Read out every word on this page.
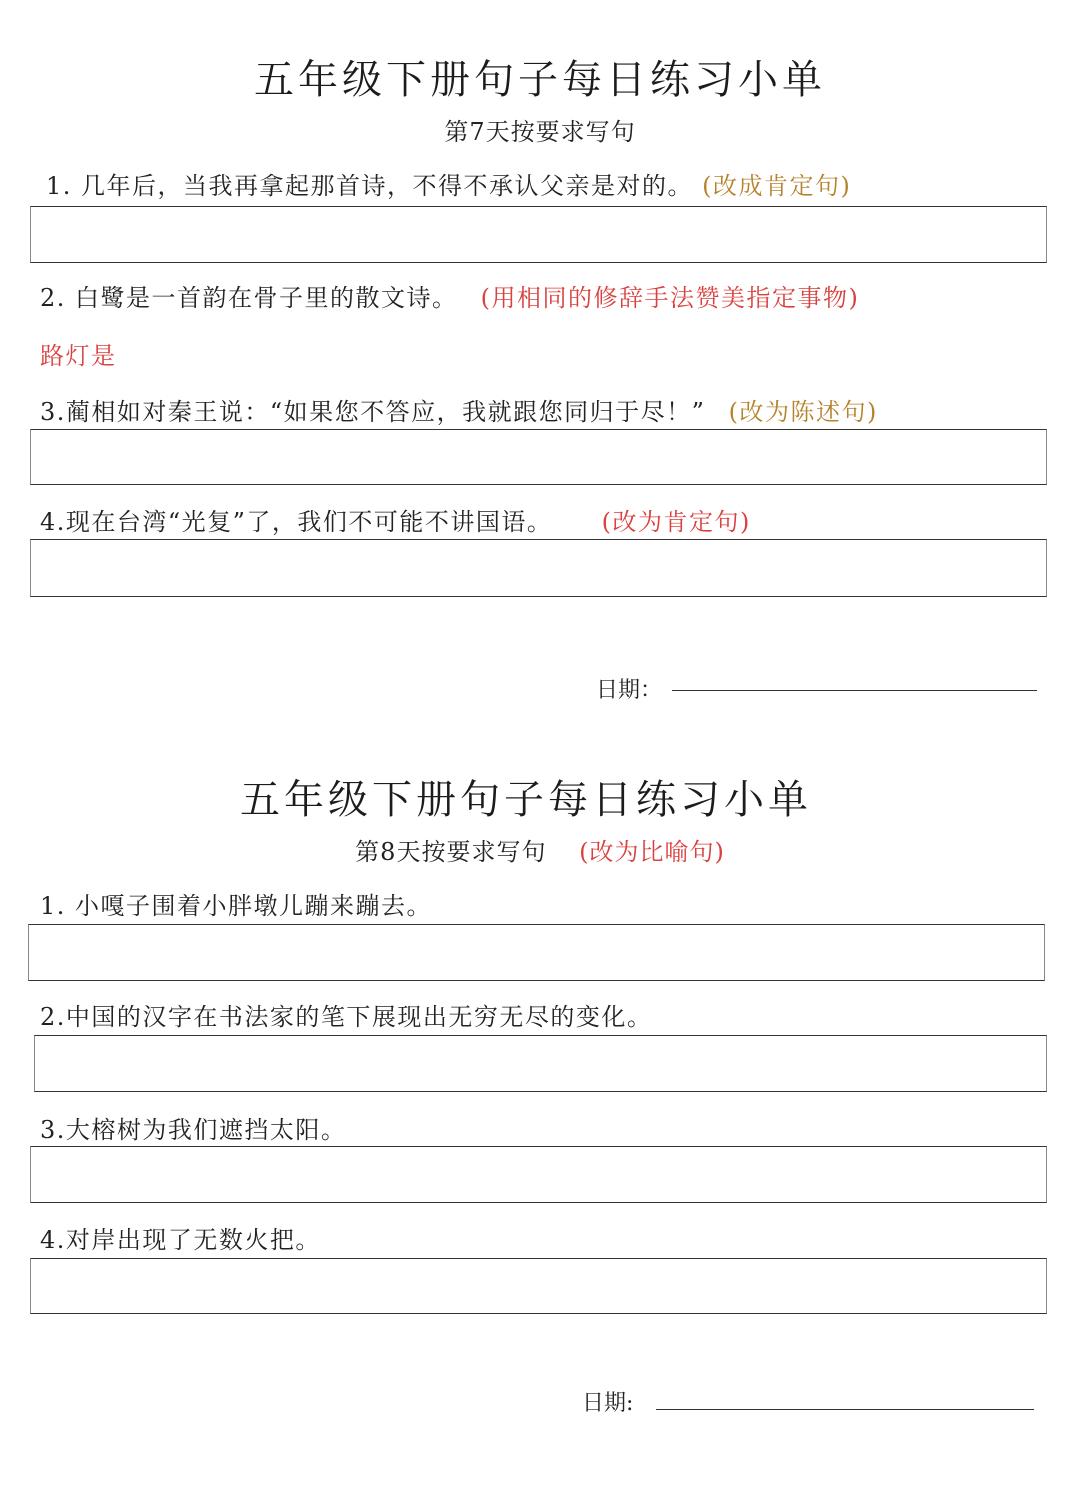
五年级下册句子每日练习小单
第7天按要求写句
1. 几年后，当我再拿起那首诗，不得不承认父亲是对的。 (改成肯定句)
2. 白鹭是一首韵在骨子里的散文诗。 (用相同的修辞手法赞美指定事物)
路灯是
3.蔺相如对秦王说：“如果您不答应，我就跟您同归于尽！” (改为陈述句)
4.现在台湾“光复”了，我们不可能不讲国语。 (改为肯定句)
日期：
五年级下册句子每日练习小单
第8天按要求写句 (改为比喻句)
1. 小嘎子围着小胖墩儿蹦来蹦去。
2.中国的汉字在书法家的笔下展现出无穷无尽的变化。
3.大榕树为我们遮挡太阳。
4.对岸出现了无数火把。
日期:
